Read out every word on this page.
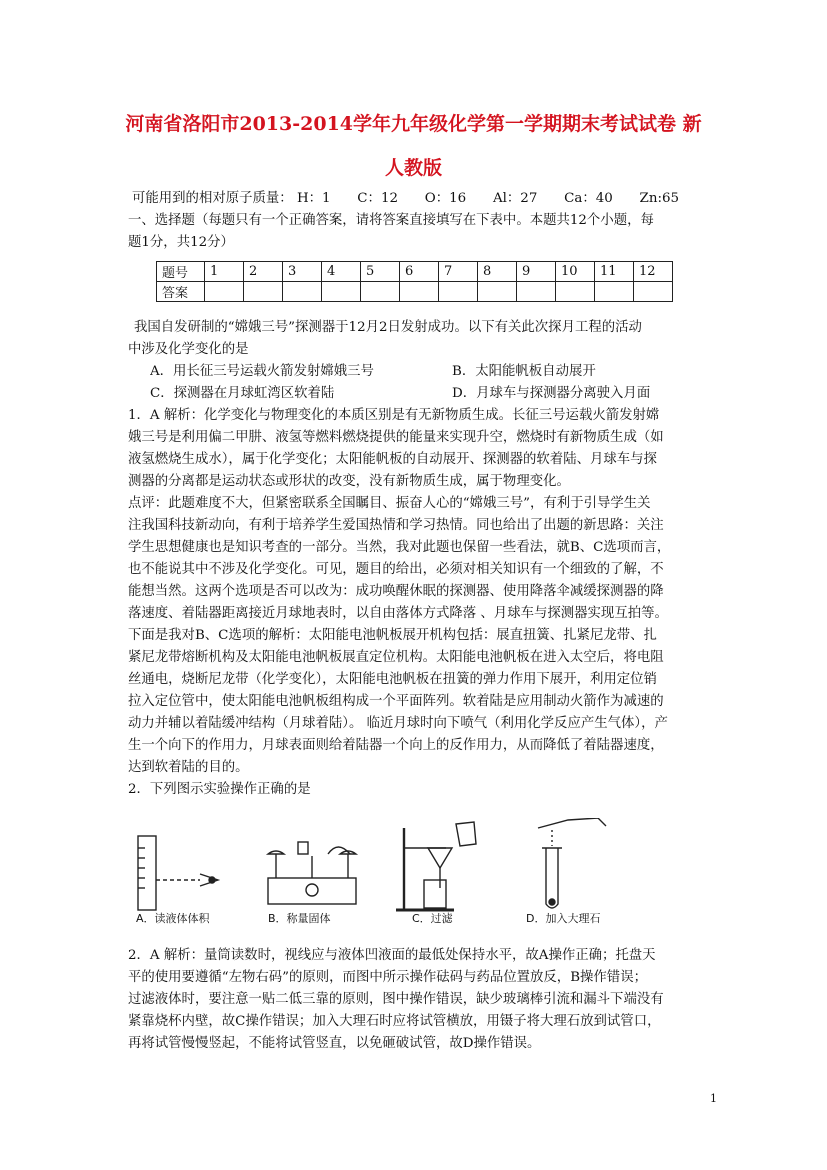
河南省洛阳市2013-2014学年九年级化学第一学期期末考试试卷 新
人教版
可能用到的相对原子质量： H：1　　C：12　　O：16　　Al：27　　Ca：40　　Zn:65
一、选择题（每题只有一个正确答案，请将答案直接填写在下表中。本题共12个小题，每
题1分，共12分）
题号	1	2	3	4	5	6	7	8	9	10	11	12
答案												
我国自发研制的“嫦娥三号”探测器于12月2日发射成功。以下有关此次探月工程的活动
中涉及化学变化的是
A．用长征三号运载火箭发射嫦娥三号	B．太阳能帆板自动展开
C．探测器在月球虹湾区软着陆	D．月球车与探测器分离驶入月面
1．A 解析：化学变化与物理变化的本质区别是有无新物质生成。长征三号运载火箭发射嫦
娥三号是利用偏二甲肼、液氢等燃料燃烧提供的能量来实现升空，燃烧时有新物质生成（如
液氢燃烧生成水），属于化学变化；太阳能帆板的自动展开、探测器的软着陆、月球车与探
测器的分离都是运动状态或形状的改变，没有新物质生成，属于物理变化。
点评：此题难度不大，但紧密联系全国瞩目、振奋人心的“嫦娥三号”，有利于引导学生关
注我国科技新动向，有利于培养学生爱国热情和学习热情。同也给出了出题的新思路：关注
学生思想健康也是知识考查的一部分。当然，我对此题也保留一些看法，就B、C选项而言，
也不能说其中不涉及化学变化。可见，题目的给出，必须对相关知识有一个细致的了解，不
能想当然。这两个选项是否可以改为：成功唤醒休眠的探测器、使用降落伞减缓探测器的降
落速度、着陆器距离接近月球地表时，以自由落体方式降落 、月球车与探测器实现互拍等。
下面是我对B、C选项的解析：太阳能电池帆板展开机构包括：展直扭簧、扎紧尼龙带、扎
紧尼龙带熔断机构及太阳能电池帆板展直定位机构。太阳能电池帆板在进入太空后，将电阻
丝通电，烧断尼龙带（化学变化），太阳能电池帆板在扭簧的弹力作用下展开，利用定位销
拉入定位管中，使太阳能电池帆板组构成一个平面阵列。软着陆是应用制动火箭作为减速的
动力并辅以着陆缓冲结构（月球着陆）。 临近月球时向下喷气（利用化学反应产生气体），产
生一个向下的作用力，月球表面则给着陆器一个向上的反作用力，从而降低了着陆器速度，
达到软着陆的目的。
2．下列图示实验操作正确的是
A．读液体体积	B．称量固体	C．过滤	D．加入大理石
2．A 解析：量筒读数时，视线应与液体凹液面的最低处保持水平，故A操作正确；托盘天
平的使用要遵循“左物右码”的原则，而图中所示操作砝码与药品位置放反，B操作错误；
过滤液体时，要注意一贴二低三靠的原则，图中操作错误，缺少玻璃棒引流和漏斗下端没有
紧靠烧杯内壁，故C操作错误；加入大理石时应将试管横放，用镊子将大理石放到试管口，
再将试管慢慢竖起，不能将试管竖直，以免砸破试管，故D操作错误。
1
